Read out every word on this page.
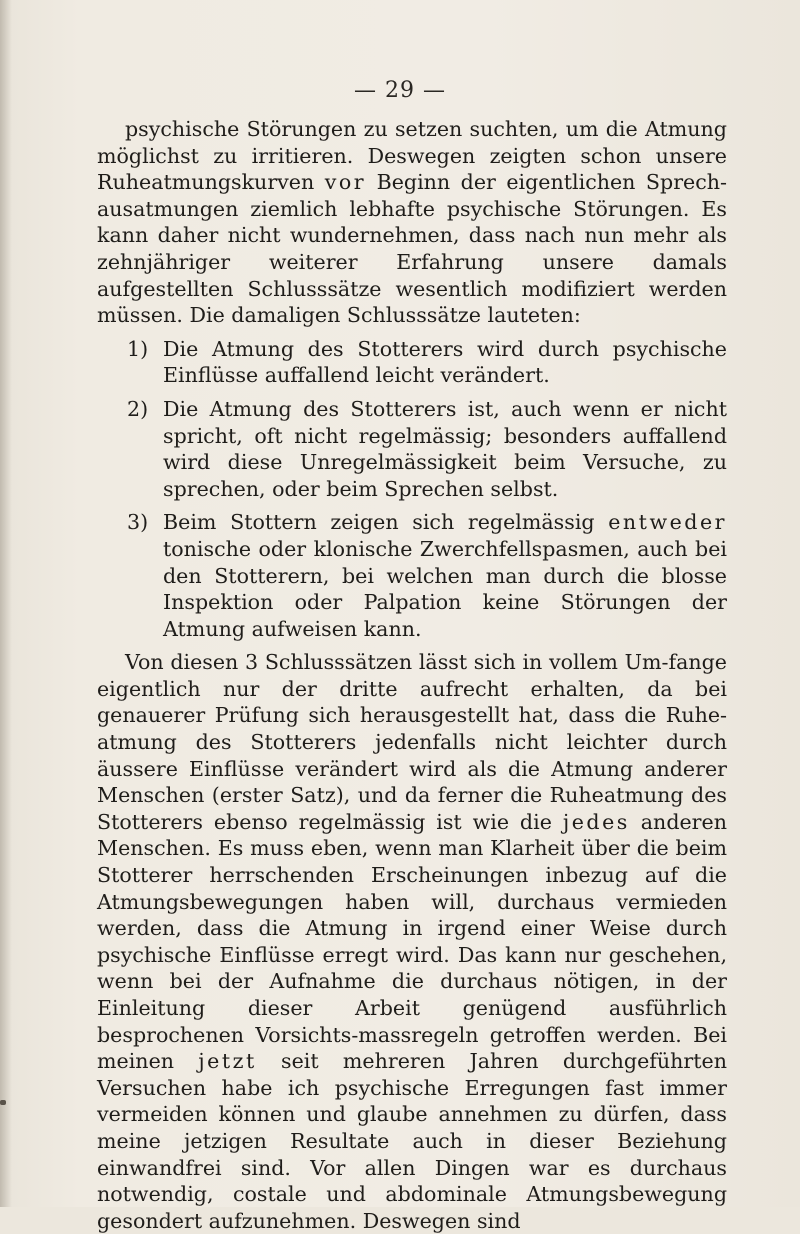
— 29 —

psychische Störungen zu setzen suchten, um die Atmung möglichst zu irritieren. Deswegen zeigten schon unsere Ruheatmungskurven vor Beginn der eigentlichen Sprech-ausatmungen ziemlich lebhafte psychische Störungen. Es kann daher nicht wundernehmen, dass nach nun mehr als zehnjähriger weiterer Erfahrung unsere damals aufgestellten Schlusssätze wesentlich modifiziert werden müssen. Die damaligen Schlusssätze lauteten:

1) Die Atmung des Stotterers wird durch psychische Einflüsse auffallend leicht verändert.

2) Die Atmung des Stotterers ist, auch wenn er nicht spricht, oft nicht regelmässig; besonders auffallend wird diese Unregelmässigkeit beim Versuche, zu sprechen, oder beim Sprechen selbst.

3) Beim Stottern zeigen sich regelmässig entweder tonische oder klonische Zwerchfellspasmen, auch bei den Stotterern, bei welchen man durch die blosse Inspektion oder Palpation keine Störungen der Atmung aufweisen kann.

Von diesen 3 Schlusssätzen lässt sich in vollem Um-fange eigentlich nur der dritte aufrecht erhalten, da bei genauerer Prüfung sich herausgestellt hat, dass die Ruhe-atmung des Stotterers jedenfalls nicht leichter durch äussere Einflüsse verändert wird als die Atmung anderer Menschen (erster Satz), und da ferner die Ruheatmung des Stotterers ebenso regelmässig ist wie die jedes anderen Menschen. Es muss eben, wenn man Klarheit über die beim Stotterer herrschenden Erscheinungen inbezug auf die Atmungsbewegungen haben will, durchaus vermieden werden, dass die Atmung in irgend einer Weise durch psychische Einflüsse erregt wird. Das kann nur geschehen, wenn bei der Aufnahme die durchaus nötigen, in der Einleitung dieser Arbeit genügend ausführlich besprochenen Vorsichts-massregeln getroffen werden. Bei meinen jetzt seit mehreren Jahren durchgeführten Versuchen habe ich psychische Erregungen fast immer vermeiden können und glaube annehmen zu dürfen, dass meine jetzigen Resultate auch in dieser Beziehung einwandfrei sind. Vor allen Dingen war es durchaus notwendig, costale und abdominale Atmungsbewegung gesondert aufzunehmen. Deswegen sind
